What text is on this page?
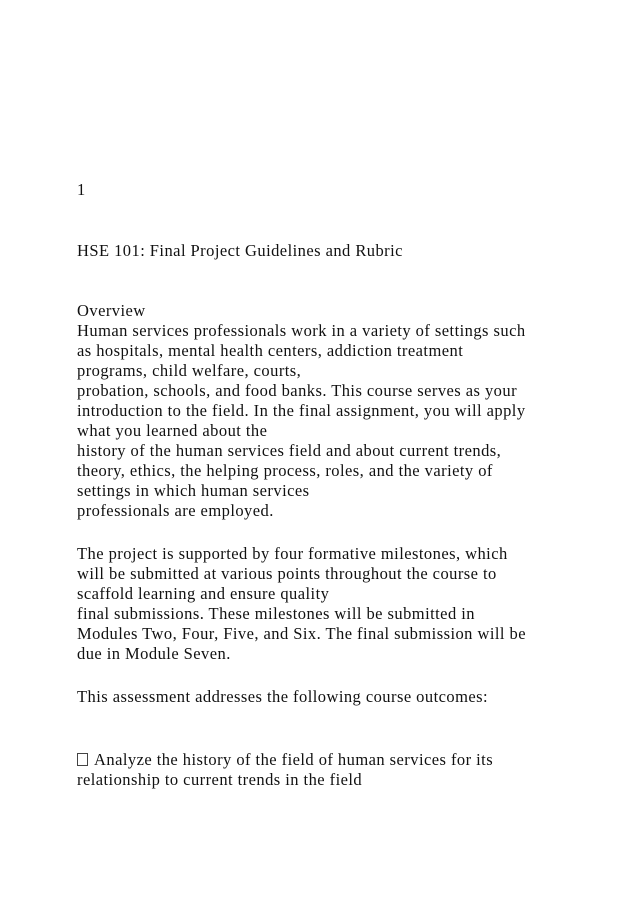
1
HSE 101: Final Project Guidelines and Rubric
Overview
Human services professionals work in a variety of settings such
as hospitals, mental health centers, addiction treatment
programs, child welfare, courts,
probation, schools, and food banks. This course serves as your
introduction to the field. In the final assignment, you will apply
what you learned about the
history of the human services field and about current trends,
theory, ethics, the helping process, roles, and the variety of
settings in which human services
professionals are employed.
The project is supported by four formative milestones, which
will be submitted at various points throughout the course to
scaffold learning and ensure quality
final submissions. These milestones will be submitted in
Modules Two, Four, Five, and Six. The final submission will be
due in Module Seven.
This assessment addresses the following course outcomes:
Analyze the history of the field of human services for its
relationship to current trends in the field
